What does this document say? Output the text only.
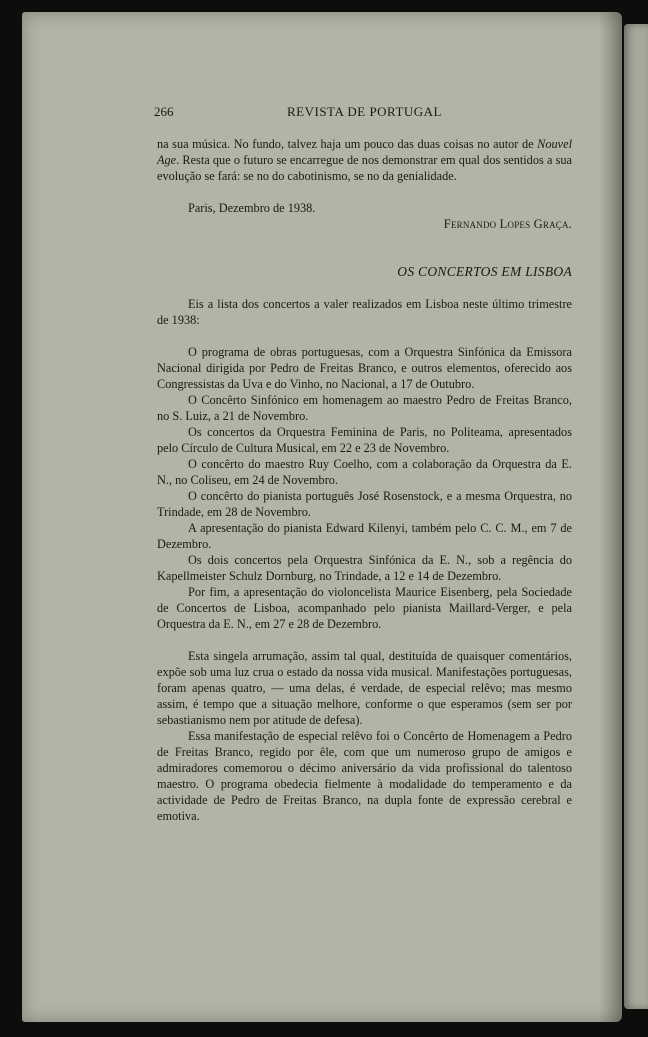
266	REVISTA DE PORTUGAL

na sua música. No fundo, talvez haja um pouco das duas coisas no autor de Nouvel Age. Resta que o futuro se encarregue de nos demonstrar em qual dos sentidos a sua evolução se fará: se no do cabotinismo, se no da genialidade.

Paris, Dezembro de 1938.

Fernando Lopes Graça.

OS CONCERTOS EM LISBOA

Eis a lista dos concertos a valer realizados em Lisboa neste último trimestre de 1938:

O programa de obras portuguesas, com a Orquestra Sinfónica da Emissora Nacional dirigida por Pedro de Freitas Branco, e outros elementos, oferecido aos Congressistas da Uva e do Vinho, no Nacional, a 17 de Outubro.

O Concêrto Sinfónico em homenagem ao maestro Pedro de Freitas Branco, no S. Luiz, a 21 de Novembro.

Os concertos da Orquestra Feminina de Paris, no Politeama, apresentados pelo Círculo de Cultura Musical, em 22 e 23 de Novembro.

O concêrto do maestro Ruy Coelho, com a colaboração da Orquestra da E. N., no Coliseu, em 24 de Novembro.

O concêrto do pianista português José Rosenstock, e a mesma Orquestra, no Trindade, em 28 de Novembro.

A apresentação do pianista Edward Kilenyi, também pelo C. C. M., em 7 de Dezembro.

Os dois concertos pela Orquestra Sinfónica da E. N., sob a regência do Kapellmeister Schulz Dornburg, no Trindade, a 12 e 14 de Dezembro.

Por fim, a apresentação do violoncelista Maurice Eisenberg, pela Sociedade de Concertos de Lisboa, acompanhado pelo pianista Maillard-Verger, e pela Orquestra da E. N., em 27 e 28 de Dezembro.

Esta singela arrumação, assim tal qual, destituída de quaisquer comentários, expõe sob uma luz crua o estado da nossa vida musical. Manifestações portuguesas, foram apenas quatro, — uma delas, é verdade, de especial relêvo; mas mesmo assim, é tempo que a situação melhore, conforme o que esperamos (sem ser por sebastianismo nem por atitude de defesa).

Essa manifestação de especial relêvo foi o Concêrto de Homenagem a Pedro de Freitas Branco, regido por êle, com que um numeroso grupo de amigos e admiradores comemorou o décimo aniversário da vida profissional do talentoso maestro. O programa obedecia fielmente à modalidade do temperamento e da actividade de Pedro de Freitas Branco, na dupla fonte de expressão cerebral e emotiva.
